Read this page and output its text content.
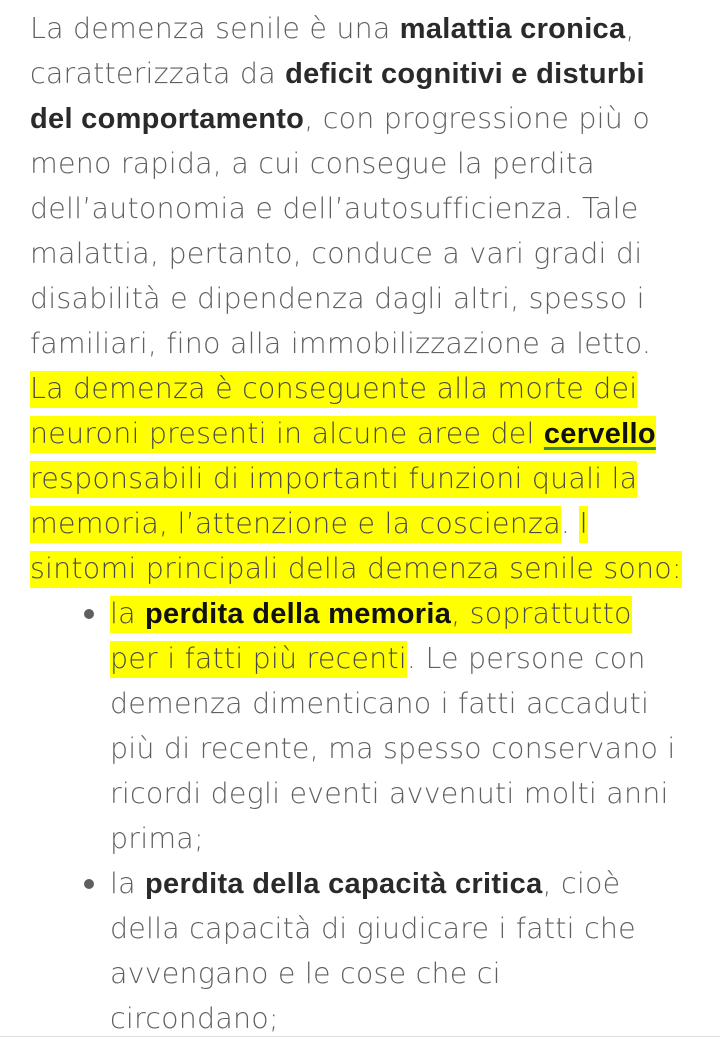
La demenza senile è una malattia cronica,
caratterizzata da deficit cognitivi e disturbi
del comportamento, con progressione più o
meno rapida, a cui consegue la perdita
dell’autonomia e dell’autosufficienza. Tale
malattia, pertanto, conduce a vari gradi di
disabilità e dipendenza dagli altri, spesso i
familiari, fino alla immobilizzazione a letto.
La demenza è conseguente alla morte dei
neuroni presenti in alcune aree del cervello
responsabili di importanti funzioni quali la
memoria, l’attenzione e la coscienza. I
sintomi principali della demenza senile sono:
la perdita della memoria, soprattutto
per i fatti più recenti. Le persone con
demenza dimenticano i fatti accaduti
più di recente, ma spesso conservano i
ricordi degli eventi avvenuti molti anni
prima;
la perdita della capacità critica, cioè
della capacità di giudicare i fatti che
avvengano e le cose che ci
circondano;
